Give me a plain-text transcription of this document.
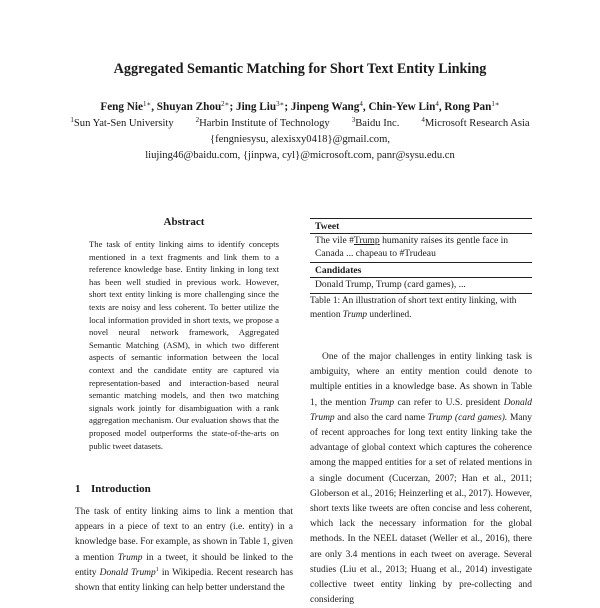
Aggregated Semantic Matching for Short Text Entity Linking
Feng Nie$^{1∗}$, Shuyan Zhou$^{2∗}$; Jing Liu$^{3∗}$; Jinpeng Wang$^4$, Chin-Yew Lin$^4$, Rong Pan$^{1∗}$
$^1$Sun Yat-Sen University	$^2$Harbin Institute of Technology	$^3$Baidu Inc.	$^4$Microsoft Research Asia
{fengniesysu, alexisxy0418}@gmail.com,
liujing46@baidu.com, {jinpwa, cyl}@microsoft.com, panr@sysu.edu.cn
Abstract
The task of entity linking aims to identify concepts mentioned in a text fragments and link them to a reference knowledge base. Entity linking in long text has been well studied in previous work. However, short text entity linking is more challenging since the texts are noisy and less coherent. To better utilize the local information provided in short texts, we propose a novel neural network framework, Aggregated Semantic Matching (ASM), in which two different aspects of semantic information between the local context and the candidate entity are captured via representation-based and interaction-based neural semantic matching models, and then two matching signals work jointly for disambiguation with a rank aggregation mechanism. Our evaluation shows that the proposed model outperforms the state-of-the-arts on public tweet datasets.
1 Introduction
The task of entity linking aims to link a mention that appears in a piece of text to an entry (i.e. entity) in a knowledge base. For example, as shown in Table 1, given a mention Trump in a tweet, it should be linked to the entity Donald Trump$^1$ in Wikipedia. Recent research has shown that entity linking can help better understand the
Tweet
The vile #Trump humanity raises its gentle face in Canada ... chapeau to #Trudeau
Candidates
Donald Trump, Trump (card games), ...
Table 1: An illustration of short text entity linking, with mention Trump underlined.
One of the major challenges in entity linking task is ambiguity, where an entity mention could denote to multiple entities in a knowledge base. As shown in Table 1, the mention Trump can refer to U.S. president Donald Trump and also the card name Trump (card games). Many of recent approaches for long text entity linking take the advantage of global context which captures the coherence among the mapped entities for a set of related mentions in a single document (Cucerzan, 2007; Han et al., 2011; Globerson et al., 2016; Heinzerling et al., 2017). However, short texts like tweets are often concise and less coherent, which lack the necessary information for the global methods. In the NEEL dataset (Weller et al., 2016), there are only 3.4 mentions in each tweet on average. Several studies (Liu et al., 2013; Huang et al., 2014) investigate collective tweet entity linking by pre-collecting and considering
